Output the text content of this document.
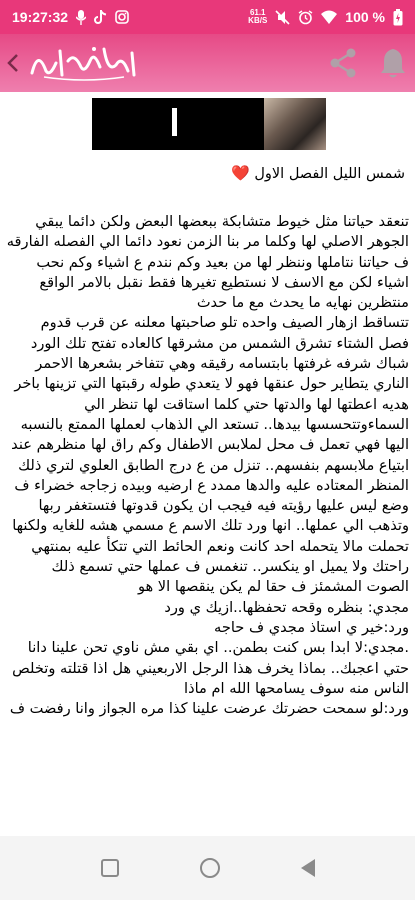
19:27:32	61.1
KB/S	100 %
شمس الليل الفصل الاول ❤️

تنعقد حياتنا مثل خيوط متشابكة ببعضها البعض ولكن دائما يبقي الجوهر الاصلي لها وكلما مر بنا الزمن نعود دائما الي الفصله الفارقه ف حياتنا نتاملها وننظر لها من بعيد وكم نندم ع اشياء وكم نحب اشياء لكن مع الاسف لا نستطيع تغيرها فقط نقبل بالامر الواقع منتظرين نهايه ما يحدث مع ما حدث

تتساقط ازهار الصيف واحده تلو صاحبتها معلنه عن قرب قدوم فصل الشتاء تشرق الشمس من مشرقها كالعاده تفتح تلك الورد شباك شرفه غرفتها بابتسامه رقيقه وهي تتفاخر بشعرها الاحمر الناري يتطاير حول عنقها فهو لا يتعدي طوله رقبتها التي تزينها باخر هديه اعطتها لها والدتها حتي كلما استاقت لها تنظر الي السماءوتتحسسها بيدها.. تستعد الي الذهاب لعملها الممتع بالنسبه اليها فهي تعمل ف محل لملابس الاطفال وكم راق لها منظرهم عند ابتياع ملابسهم بنفسهم.. تنزل من ع درج الطابق العلوي لتري ذلك المنظر المعتاده عليه والدها ممدد ع ارضيه وبيده زجاجه خضراء ف وضع ليس عليها رؤيته فيه فيجب ان يكون قدوتها فتستغفر ربها وتذهب الي عملها.. انها ورد تلك الاسم ع مسمي هشه للغايه ولكنها تحملت مالا يتحمله احد كانت ونعم الحائط التي تتكأ عليه بمنتهي راحتك ولا يميل او ينكسر.. تنغمس ف عملها حتي تسمع ذلك الصوت المشمئز ف حقا لم يكن ينقصها الا هو

مجدي: بنظره وقحه تحفظها..ازيك ي ورد

ورد:خير ي استاذ مجدي ف حاجه

.مجدي:لا ابدا بس كنت بطمن.. اي بقي مش ناوي تحن علينا دانا حتي اعجبك.. بماذا يخرف هذا الرجل الاربعيني هل اذا قتلته وتخلص الناس منه سوف يسامحها الله ام ماذا

ورد:لو سمحت حضرتك عرضت علينا كذا مره الجواز وانا رفضت ف
